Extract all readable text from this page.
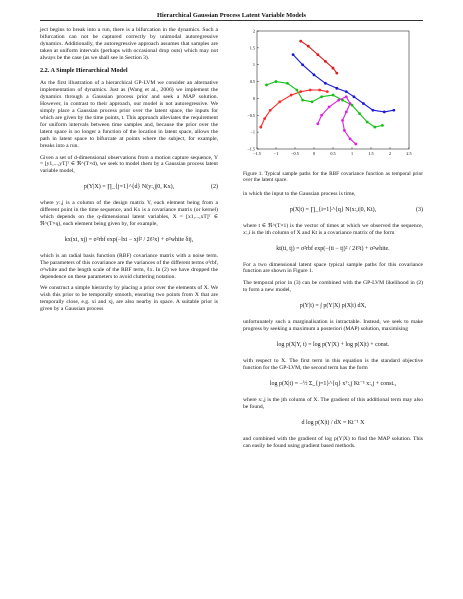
Hierarchical Gaussian Process Latent Variable Models

ject begins to break into a run, there is a bifurcation in the dynamics. Such a bifurcation can not be captured correctly by unimodal autoregressive dynamics. Additionally, the autoregressive approach assumes that samples are taken at uniform intervals (perhaps with occasional drop outs) which may not always be the case (as we shall see in Section 3).

2.2. A Simple Hierarchical Model

As the first illustration of a hierarchical GP-LVM we consider an alternative implementation of dynamics. Just as (Wang et al., 2006) we implement the dynamics through a Gaussian process prior and seek a MAP solution. However, in contrast to their approach, our model is not autoregressive. We simply place a Gaussian process prior over the latent space, the inputs for which are given by the time points, t. This approach alleviates the requirement for uniform intervals between time samples and, because the prior over the latent space is no longer a function of the location in latent space, allows the path in latent space to bifurcate at points where the subject, for example, breaks into a run.

Given a set of d-dimensional observations from a motion capture sequence, Y = [y1,...,yT]ᵀ ∈ ℜ^(T×d), we seek to model them by a Gaussian process latent variable model,

p(Y|X) = ∏_{j=1}^{d} N(y:,j|0, Kx),	(2)

where y:,j is a column of the design matrix Y, each element being from a different point in the time sequence, and Kx is a covariance matrix (or kernel) which depends on the q-dimensional latent variables, X = [x1,...,xT]ᵀ ∈ ℜ^(T×q), each element being given by, for example,

kx(xi, xj) = σ²rbf exp(−‖xi − xj‖² / 2ℓ²x) + σ²white δij,

which is an radial basis function (RBF) covariance matrix with a noise term. The parameters of this covariance are the variances of the different terms σ²rbf, σ²white and the length scale of the RBF term, ℓx. In (2) we have dropped the dependence on these parameters to avoid cluttering notation.

We construct a simple hierarchy by placing a prior over the elements of X. We wish this prior to be temporally smooth, ensuring two points from X that are temporally close, e.g. xi and xj, are also nearby in space. A suitable prior is given by a Gaussian process

−1.5	−1	−0.5	0	0.5	1	1.5	2	2.5
2
1.5
1
0.5
0
−0.5
−1
−1.5
Figure 1. Typical sample paths for the RBF covariance function as temporal prior over the latent space.

in which the input to the Gaussian process is time,

p(X|t) = ∏_{i=1}^{q} N(x:,i|0, Kt),	(3)

where t ∈ ℜ^(T×1) is the vector of times at which we observed the sequence, x:,i is the ith column of X and Kt is a covariance matrix of the form

kt(ti, tj) = σ²rbf exp(−(ti − tj)² / 2ℓ²t) + σ²white.

For a two dimensional latent space typical sample paths for this covariance function are shown in Figure 1.

The temporal prior in (3) can be combined with the GP-LVM likelihood in (2) to form a new model,

p(Y|t) = ∫ p(Y|X) p(X|t) dX,

unfortunately such a marginalisation is intractable. Instead, we seek to make progress by seeking a maximum a posteriori (MAP) solution, maximising

log p(X|Y, t) = log p(Y|X) + log p(X|t) + const.

with respect to X. The first term in this equation is the standard objective function for the GP-LVM, the second term has the form

log p(X|t) = −½ Σ_{j=1}^{q} xᵀ:,j Kt⁻¹ x:,j + const.,

where x:,j is the jth column of X. The gradient of this additional term may also be found,

d log p(X|t) / dX = Kt⁻¹ X

and combined with the gradient of log p(Y|X) to find the MAP solution. This can easily be found using gradient based methods.
